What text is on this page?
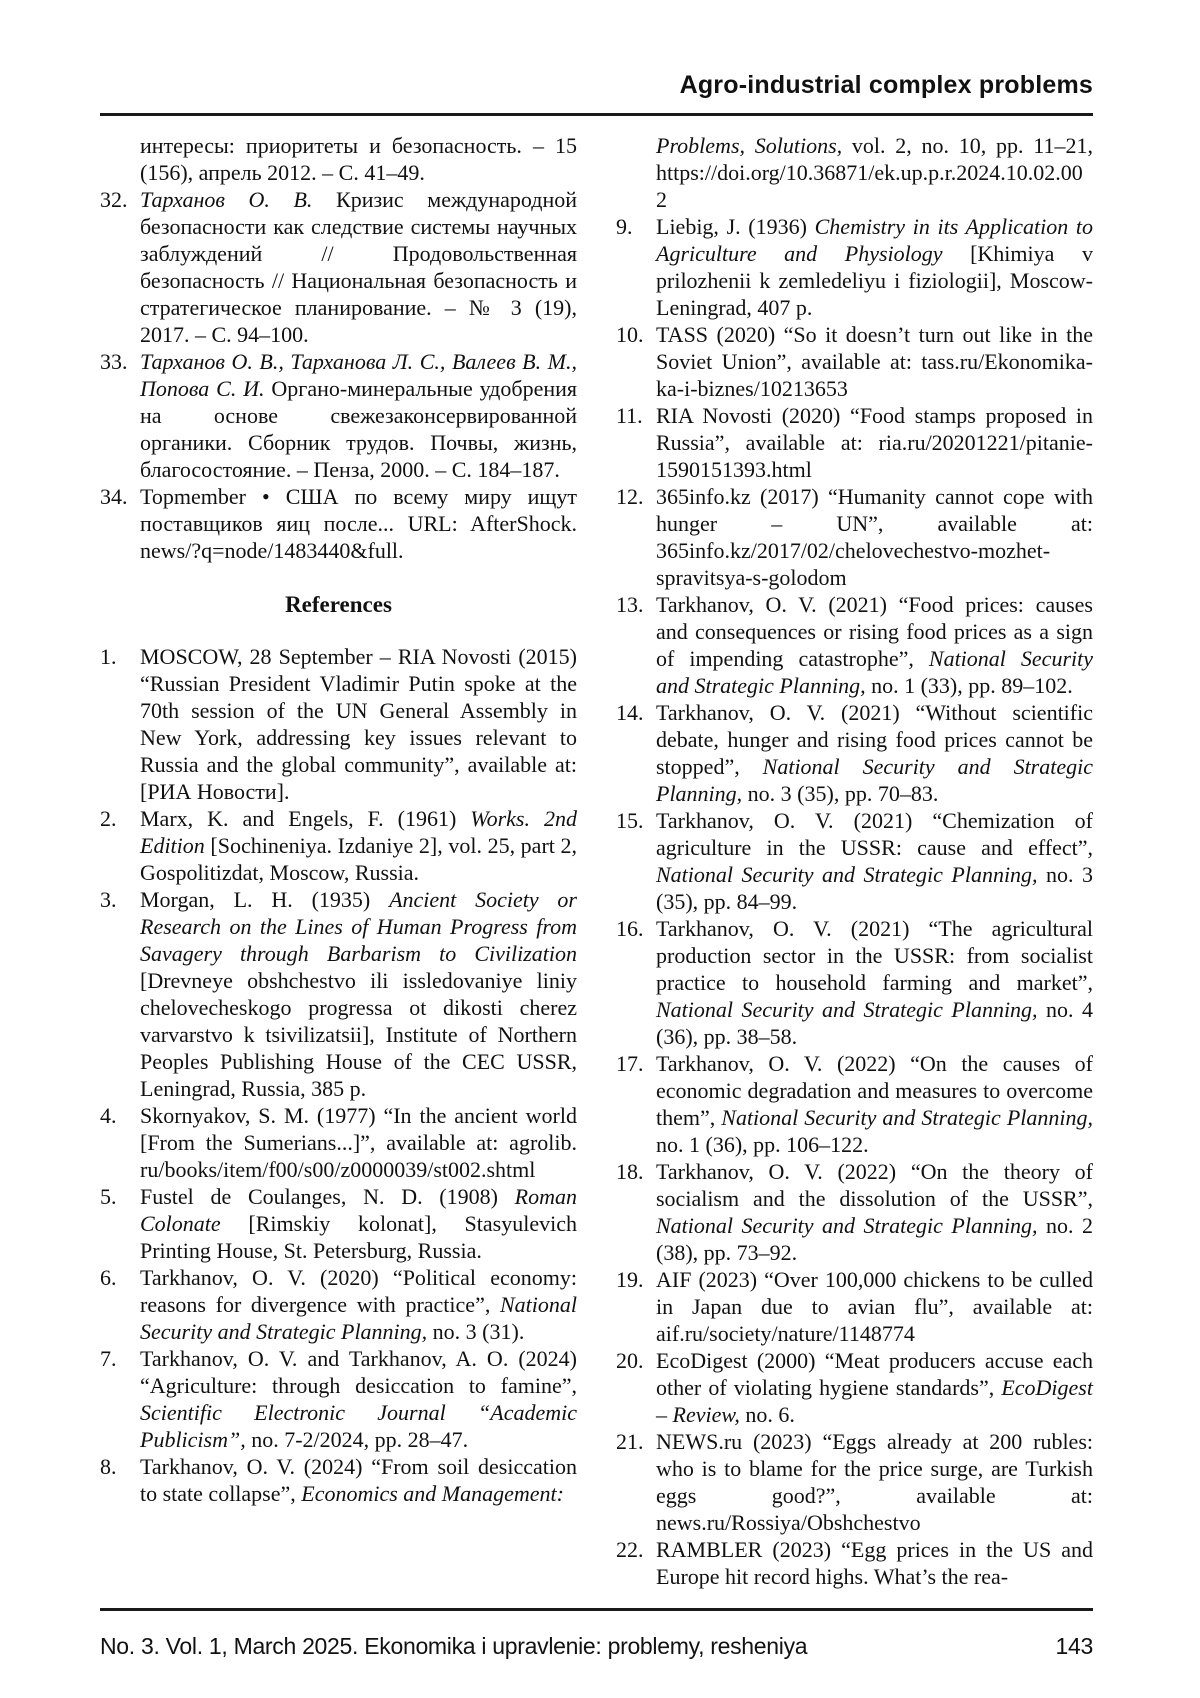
Agro-industrial complex problems
интересы: приоритеты и безопасность. – 15 (156), апрель 2012. – С. 41–49.
32. Тарханов О. В. Кризис международной безопасности как следствие системы научных заблуждений // Продовольственная безопасность // Национальная безопасность и стратегическое планирование. – № 3 (19), 2017. – С. 94–100.
33. Тарханов О. В., Тарханова Л. С., Валеев В. М., Попова С. И. Органо-минеральные удобрения на основе свежезаконсервированной органики. Сборник трудов. Почвы, жизнь, благосостояние. – Пенза, 2000. – С. 184–187.
34. Topmember • США по всему миру ищут поставщиков яиц после... URL: AfterShock. news/?q=node/1483440&full.
References
1. MOSCOW, 28 September – RIA Novosti (2015) “Russian President Vladimir Putin spoke at the 70th session of the UN General Assembly in New York, addressing key issues relevant to Russia and the global community”, available at: [РИА Новости].
2. Marx, K. and Engels, F. (1961) Works. 2nd Edition [Sochineniya. Izdaniye 2], vol. 25, part 2, Gospolitizdat, Moscow, Russia.
3. Morgan, L. H. (1935) Ancient Society or Research on the Lines of Human Progress from Savagery through Barbarism to Civilization [Drevneye obshchestvo ili issledovaniye liniy chelovecheskogo progressa ot dikosti cherez varvarstvo k tsivilizatsii], Institute of Northern Peoples Publishing House of the CEC USSR, Leningrad, Russia, 385 p.
4. Skornyakov, S. M. (1977) “In the ancient world [From the Sumerians...]”, available at: agrolib. ru/books/item/f00/s00/z0000039/st002.shtml
5. Fustel de Coulanges, N. D. (1908) Roman Colonate [Rimskiy kolonat], Stasyulevich Printing House, St. Petersburg, Russia.
6. Tarkhanov, O. V. (2020) “Political economy: reasons for divergence with practice”, National Security and Strategic Planning, no. 3 (31).
7. Tarkhanov, O. V. and Tarkhanov, A. O. (2024) “Agriculture: through desiccation to famine”, Scientific Electronic Journal “Academic Publicism”, no. 7-2/2024, pp. 28–47.
8. Tarkhanov, O. V. (2024) “From soil desiccation to state collapse”, Economics and Management:
Problems, Solutions, vol. 2, no. 10, pp. 11–21, https://doi.org/10.36871/ek.up.p.r.2024.10.02.002
9. Liebig, J. (1936) Chemistry in its Application to Agriculture and Physiology [Khimiya v prilozhenii k zemledeliyu i fiziologii], Moscow-Leningrad, 407 p.
10. TASS (2020) “So it doesn’t turn out like in the Soviet Union”, available at: tass.ru/Ekonomika-ka-i-biznes/10213653
11. RIA Novosti (2020) “Food stamps proposed in Russia”, available at: ria.ru/20201221/pitanie-1590151393.html
12. 365info.kz (2017) “Humanity cannot cope with hunger – UN”, available at: 365info.kz/2017/02/chelovechestvo-mozhet-spravitsya-s-golodom
13. Tarkhanov, O. V. (2021) “Food prices: causes and consequences or rising food prices as a sign of impending catastrophe”, National Security and Strategic Planning, no. 1 (33), pp. 89–102.
14. Tarkhanov, O. V. (2021) “Without scientific debate, hunger and rising food prices cannot be stopped”, National Security and Strategic Planning, no. 3 (35), pp. 70–83.
15. Tarkhanov, O. V. (2021) “Chemization of agriculture in the USSR: cause and effect”, National Security and Strategic Planning, no. 3 (35), pp. 84–99.
16. Tarkhanov, O. V. (2021) “The agricultural production sector in the USSR: from socialist practice to household farming and market”, National Security and Strategic Planning, no. 4 (36), pp. 38–58.
17. Tarkhanov, O. V. (2022) “On the causes of economic degradation and measures to overcome them”, National Security and Strategic Planning, no. 1 (36), pp. 106–122.
18. Tarkhanov, O. V. (2022) “On the theory of socialism and the dissolution of the USSR”, National Security and Strategic Planning, no. 2 (38), pp. 73–92.
19. AIF (2023) “Over 100,000 chickens to be culled in Japan due to avian flu”, available at: aif.ru/society/nature/1148774
20. EcoDigest (2000) “Meat producers accuse each other of violating hygiene standards”, EcoDigest – Review, no. 6.
21. NEWS.ru (2023) “Eggs already at 200 rubles: who is to blame for the price surge, are Turkish eggs good?”, available at: news.ru/Rossiya/Obshchestvo
22. RAMBLER (2023) “Egg prices in the US and Europe hit record highs. What’s the rea-
No. 3. Vol. 1, March 2025. Ekonomika i upravlenie: problemy, resheniya	143
